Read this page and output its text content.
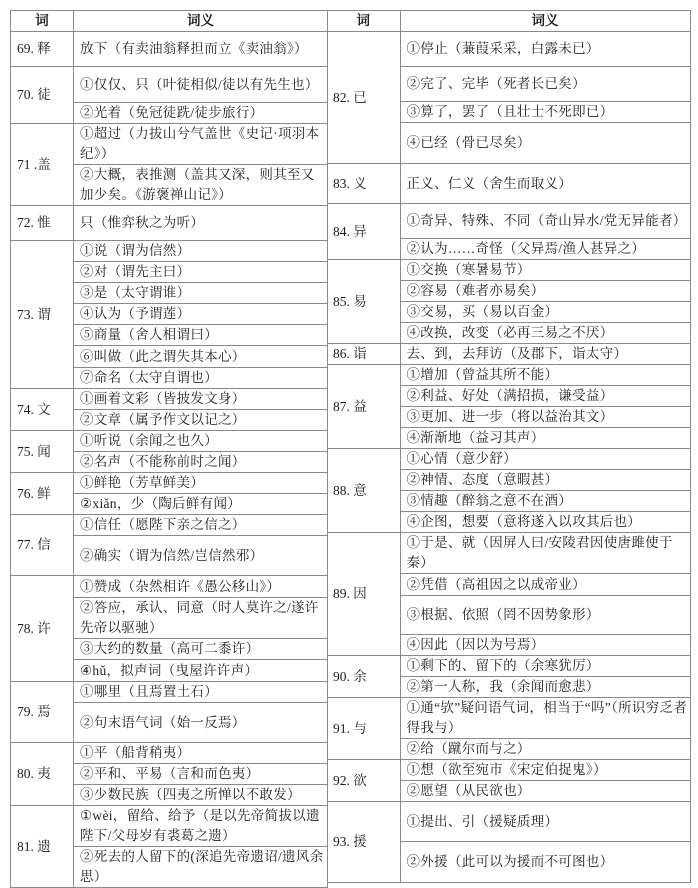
词	词义
69. 释	放下（有卖油翁释担而立《卖油翁》）
70. 徒	①仅仅、只（叶徒相似/徒以有先生也）
	②光着（免冠徒跣/徒步旅行）
71 .盖	①超过（力拔山兮气盖世《史记·项羽本纪》）
	②大概，表推测（盖其又深，则其至又加少矣。《游褒禅山记》）
72. 惟	只（惟弈秋之为听）
73. 谓	①说（谓为信然）
	②对（谓先主曰）
	③是（太守谓谁）
	④认为（予谓莲）
	⑤商量（舍人相谓曰）
	⑥叫做（此之谓失其本心）
	⑦命名（太守自谓也）
74. 文	①画着文彩（皆披发文身）
	②文章（属予作文以记之）
75. 闻	①听说（余闻之也久）
	②名声（不能称前时之闻）
76. 鲜	①鲜艳（芳草鲜美）
	②xiǎn，少（陶后鲜有闻）
77. 信	①信任（愿陛下亲之信之）
	②确实（谓为信然/岂信然邪）
78. 许	①赞成（杂然相许《愚公移山》）
	②答应，承认、同意（时人莫许之/遂许先帝以驱驰）
	③大约的数量（高可二黍许）
	④hǔ，拟声词（曳屋许许声）
79. 焉	①哪里（且焉置土石）
	②句末语气词（始一反焉）
80. 夷	①平（船背稍夷）
	②平和、平易（言和而色夷）
	③少数民族（四夷之所惮以不敢发）
81. 遗	①wèi，留给、给予（是以先帝简拔以遗陛下/父母岁有裘葛之遗）
	②死去的人留下的(深追先帝遗诏/遗风余思）
词	词义
82. 已	①停止（蒹葭采采，白露未已）
	②完了、完毕（死者长已矣）
	③算了，罢了（且壮士不死即已）
	④已经（骨已尽矣）
83. 义	正义、仁义（舍生而取义）
84. 异	①奇异、特殊、不同（奇山异水/党无异能者）
	②认为……奇怪（父异焉/渔人甚异之）
85. 易	①交换（寒暑易节）
	②容易（难者亦易矣）
	③交易，买（易以百金）
	④改换，改变（必再三易之不厌）
86. 诣	去、到，去拜访（及郡下，诣太守）
87. 益	①增加（曾益其所不能）
	②利益、好处（满招损，谦受益）
	③更加、进一步（将以益治其文）
	④渐渐地（益习其声）
88. 意	①心情（意少舒）
	②神情、态度（意暇甚）
	③情趣（醉翁之意不在酒）
	④企图，想要（意将遂入以攻其后也）
89. 因	①于是、就（因屏人曰/安陵君因使唐雎使于秦）
	②凭借（高祖因之以成帝业）
	③根据、依照（罔不因势象形）
	④因此（因以为号焉）
90. 余	①剩下的、留下的（余寒犹厉）
	②第一人称，我（余闻而愈悲）
91. 与	①通“欤”疑问语气词，相当于“吗”（所识穷乏者得我与）
	②给（蹴尔而与之）
92. 欲	①想（欲至宛市《宋定伯捉鬼》）
	②愿望（从民欲也）
93. 援	①提出、引（援疑质理）
	②外援（此可以为援而不可图也）
